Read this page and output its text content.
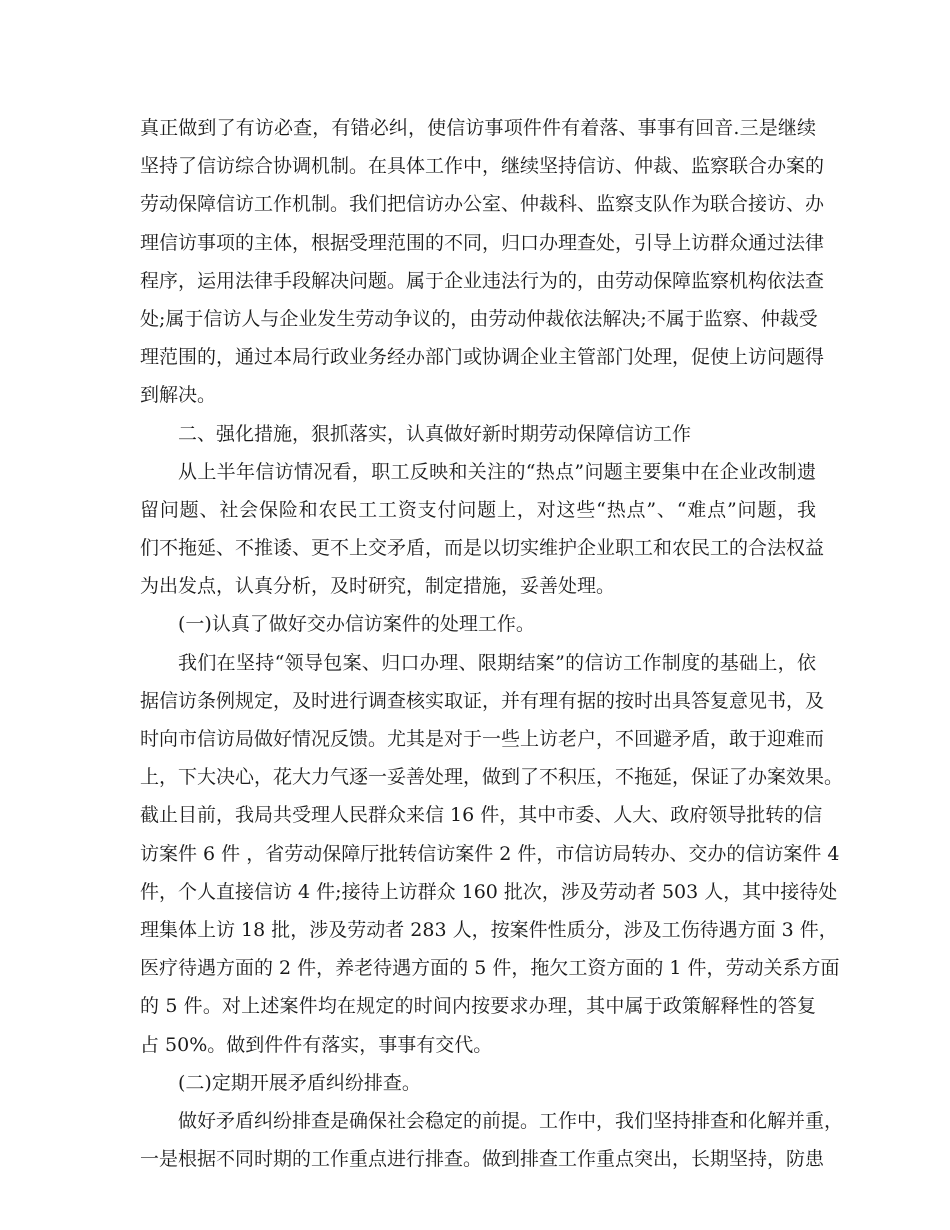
真正做到了有访必查，有错必纠，使信访事项件件有着落、事事有回音.三是继续
坚持了信访综合协调机制。在具体工作中，继续坚持信访、仲裁、监察联合办案的
劳动保障信访工作机制。我们把信访办公室、仲裁科、监察支队作为联合接访、办
理信访事项的主体，根据受理范围的不同，归口办理查处，引导上访群众通过法律
程序，运用法律手段解决问题。属于企业违法行为的，由劳动保障监察机构依法查
处;属于信访人与企业发生劳动争议的，由劳动仲裁依法解决;不属于监察、仲裁受
理范围的，通过本局行政业务经办部门或协调企业主管部门处理，促使上访问题得
到解决。
二、强化措施，狠抓落实，认真做好新时期劳动保障信访工作
从上半年信访情况看，职工反映和关注的“热点”问题主要集中在企业改制遗
留问题、社会保险和农民工工资支付问题上，对这些“热点”、“难点”问题，我
们不拖延、不推诿、更不上交矛盾，而是以切实维护企业职工和农民工的合法权益
为出发点，认真分析，及时研究，制定措施，妥善处理。
(一)认真了做好交办信访案件的处理工作。
我们在坚持“领导包案、归口办理、限期结案”的信访工作制度的基础上，依
据信访条例规定，及时进行调查核实取证，并有理有据的按时出具答复意见书，及
时向市信访局做好情况反馈。尤其是对于一些上访老户，不回避矛盾，敢于迎难而
上，下大决心，花大力气逐一妥善处理，做到了不积压，不拖延，保证了办案效果。
截止目前，我局共受理人民群众来信 16 件，其中市委、人大、政府领导批转的信
访案件 6 件 ，省劳动保障厅批转信访案件 2 件，市信访局转办、交办的信访案件 4
件，个人直接信访 4 件;接待上访群众 160 批次，涉及劳动者 503 人，其中接待处
理集体上访 18 批，涉及劳动者 283 人，按案件性质分，涉及工伤待遇方面 3 件，
医疗待遇方面的 2 件，养老待遇方面的 5 件，拖欠工资方面的 1 件，劳动关系方面
的 5 件。对上述案件均在规定的时间内按要求办理，其中属于政策解释性的答复
占 50%。做到件件有落实，事事有交代。
(二)定期开展矛盾纠纷排查。
做好矛盾纠纷排查是确保社会稳定的前提。工作中，我们坚持排查和化解并重，
一是根据不同时期的工作重点进行排查。做到排查工作重点突出，长期坚持，防患
